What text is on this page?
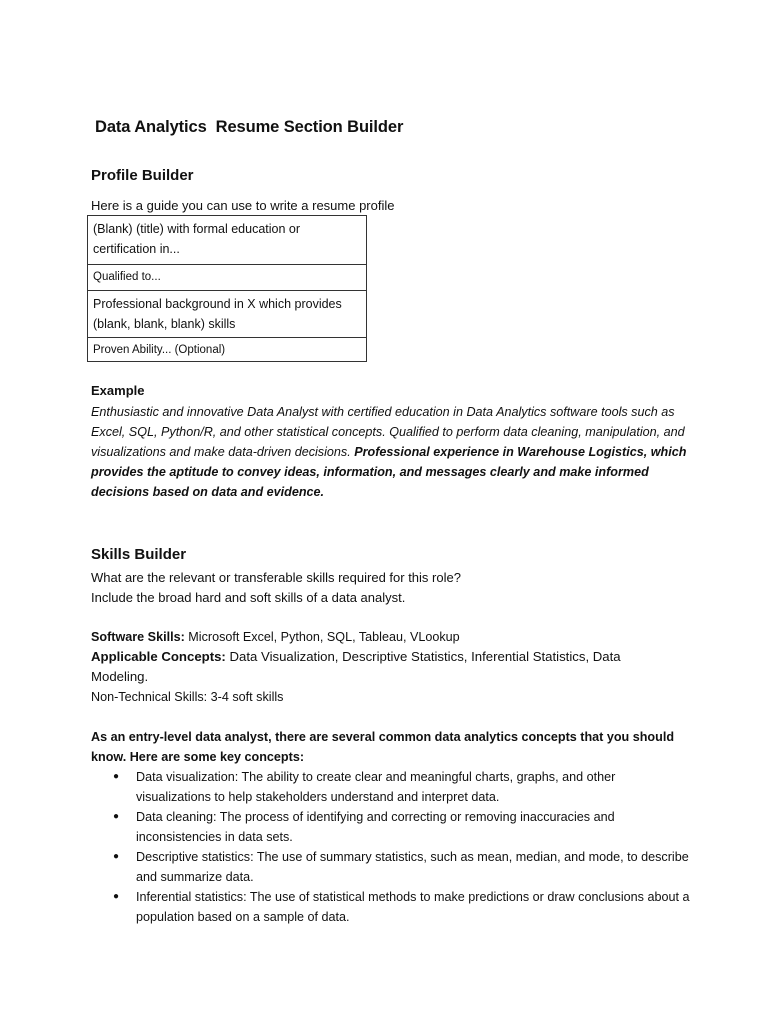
Data Analytics  Resume Section Builder
Profile Builder
Here is a guide you can use to write a resume profile
(Blank) (title) with formal education or certification in...
Qualified to...
Professional background in X which provides (blank, blank, blank) skills
Proven Ability... (Optional)
Example
Enthusiastic and innovative Data Analyst with certified education in Data Analytics software tools such as Excel, SQL, Python/R, and other statistical concepts. Qualified to perform data cleaning, manipulation, and visualizations and make data-driven decisions. Professional experience in Warehouse Logistics, which provides the aptitude to convey ideas, information, and messages clearly and make informed decisions based on data and evidence.
Skills Builder
What are the relevant or transferable skills required for this role?
Include the broad hard and soft skills of a data analyst.
Software Skills: Microsoft Excel, Python, SQL, Tableau, VLookup
Applicable Concepts: Data Visualization, Descriptive Statistics, Inferential Statistics, Data
Modeling.
Non-Technical Skills: 3-4 soft skills
As an entry-level data analyst, there are several common data analytics concepts that you should know. Here are some key concepts:
● Data visualization: The ability to create clear and meaningful charts, graphs, and other visualizations to help stakeholders understand and interpret data.
● Data cleaning: The process of identifying and correcting or removing inaccuracies and inconsistencies in data sets.
● Descriptive statistics: The use of summary statistics, such as mean, median, and mode, to describe and summarize data.
● Inferential statistics: The use of statistical methods to make predictions or draw conclusions about a population based on a sample of data.
